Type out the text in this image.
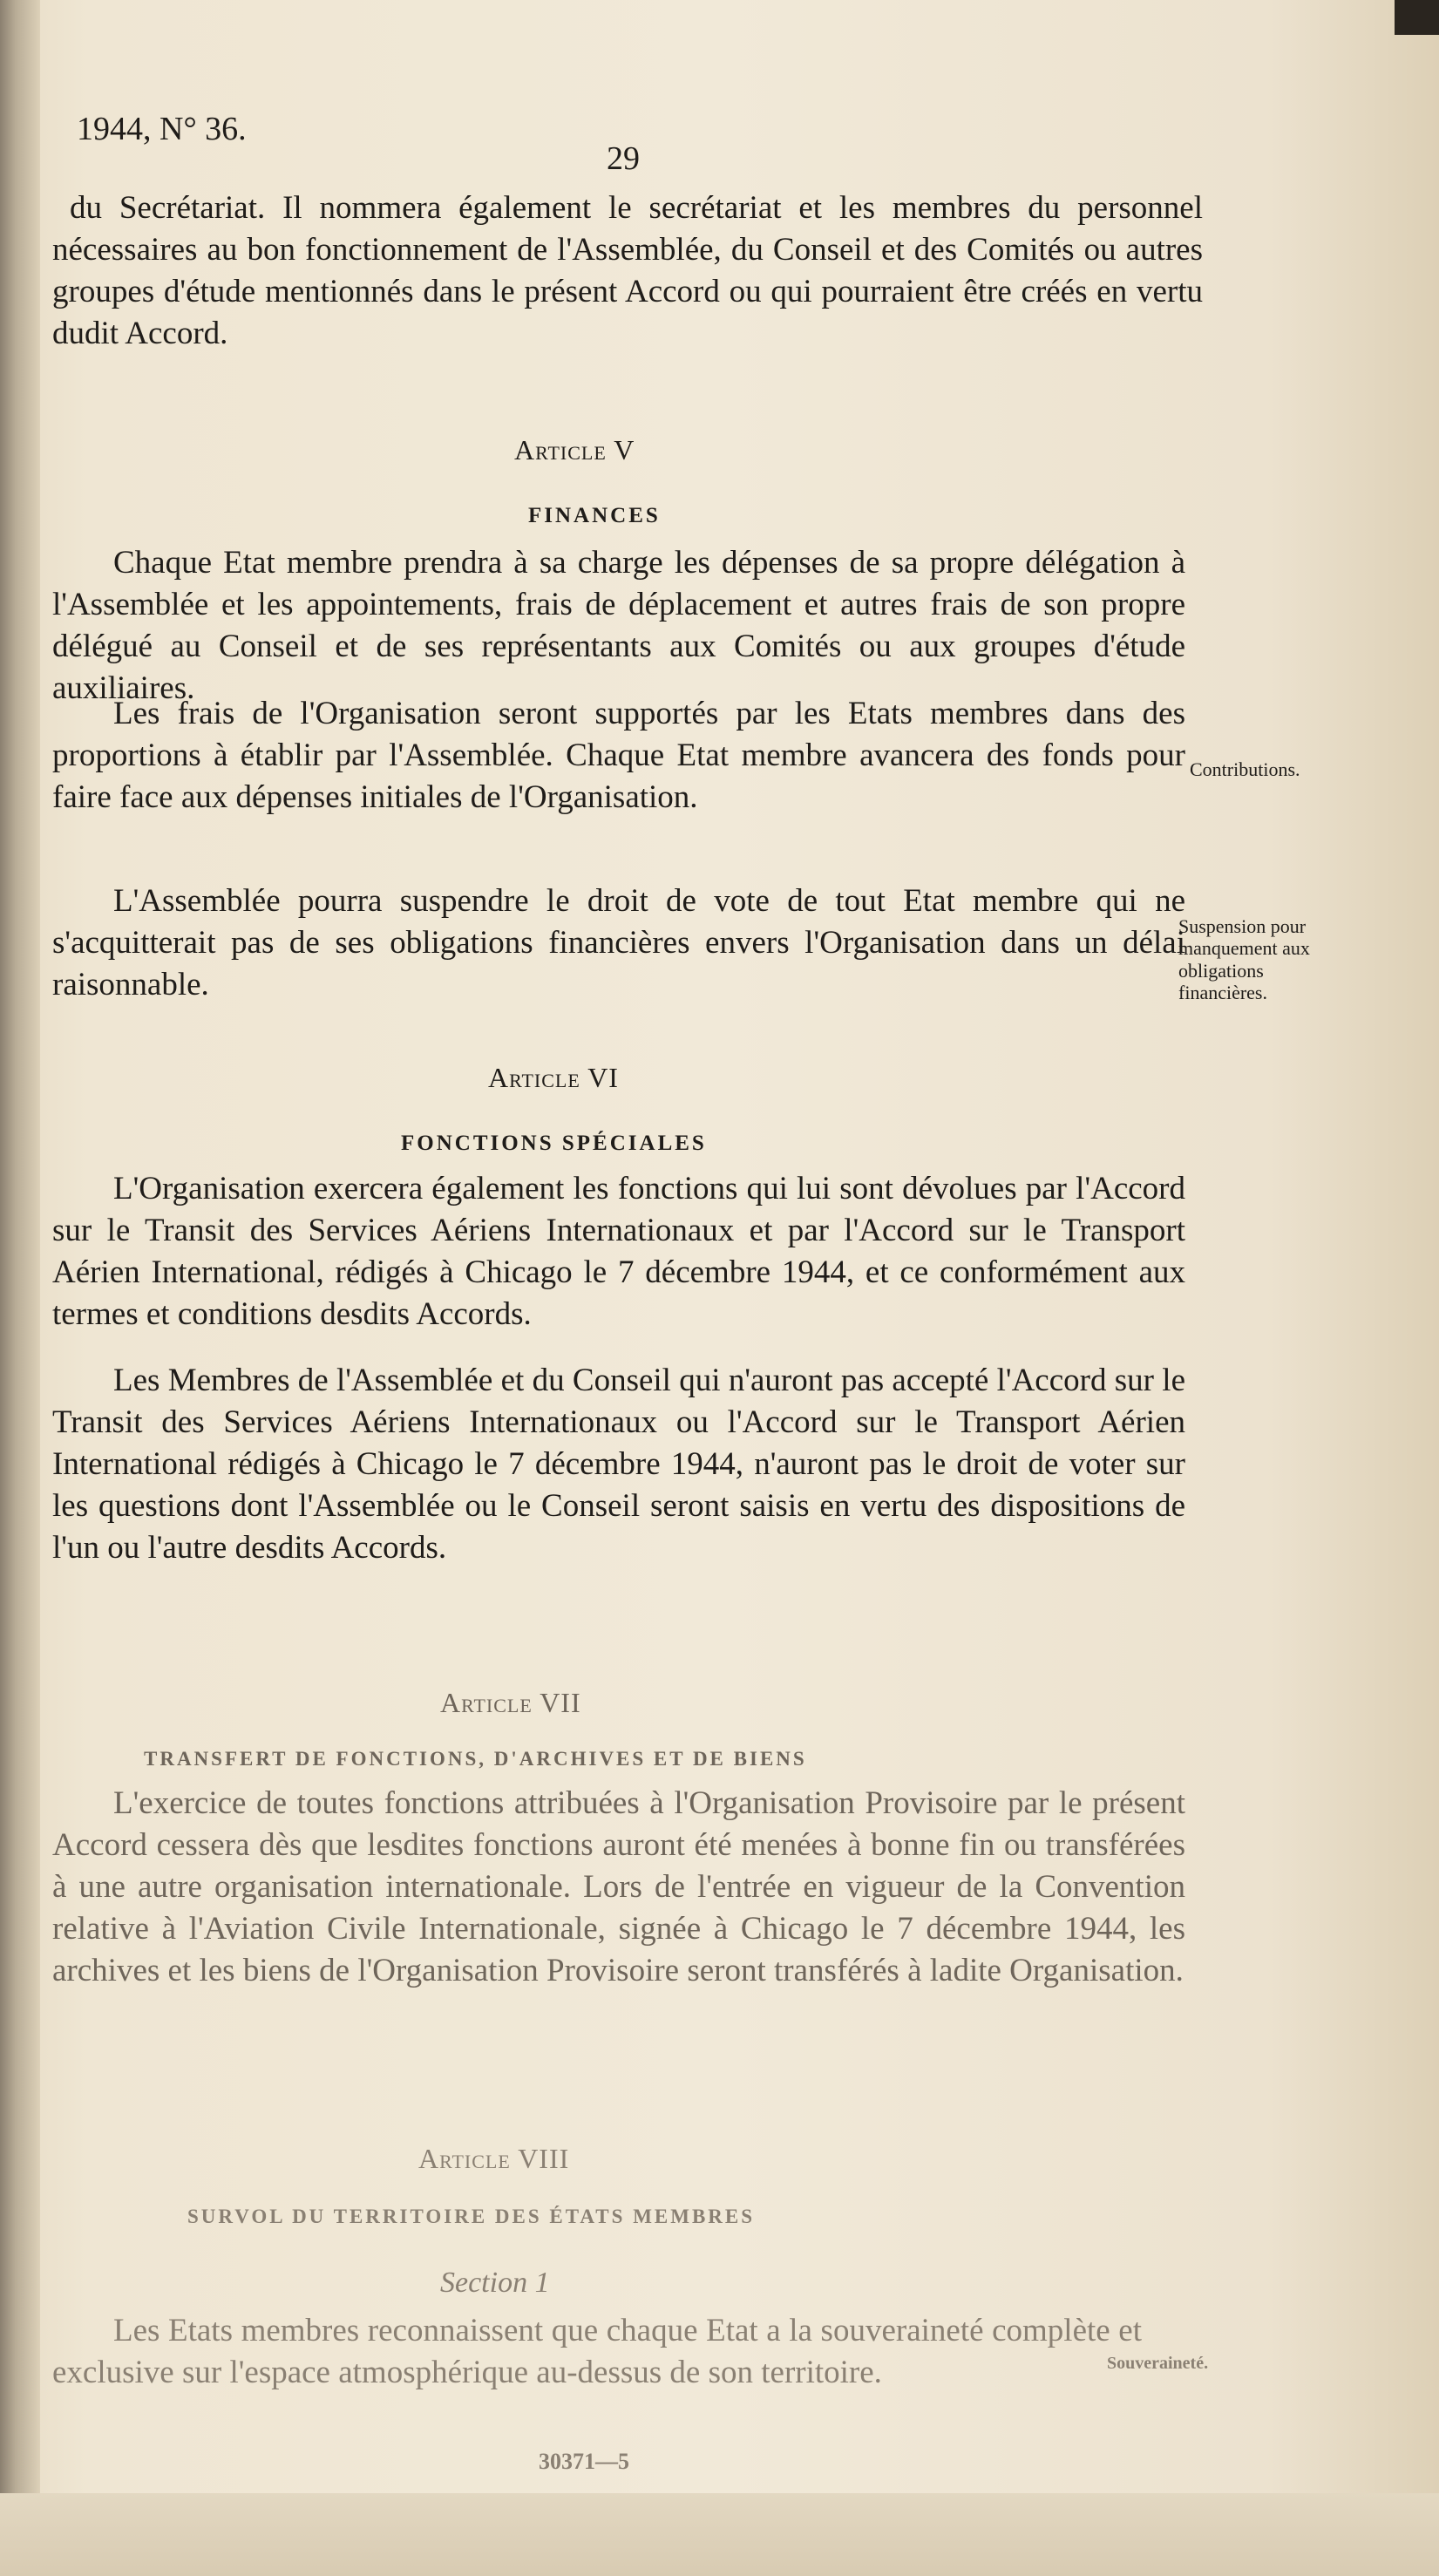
1944, N° 36.
29
du Secrétariat. Il nommera également le secrétariat et les membres du personnel nécessaires au bon fonctionnement de l'Assemblée, du Conseil et des Comités ou autres groupes d'étude mentionnés dans le présent Accord ou qui pourraient être créés en vertu dudit Accord.
Article V
FINANCES
Chaque Etat membre prendra à sa charge les dépenses de sa propre délégation à l'Assemblée et les appointements, frais de déplacement et autres frais de son propre délégué au Conseil et de ses représentants aux Comités ou aux groupes d'étude auxiliaires.
Les frais de l'Organisation seront supportés par les Etats membres dans des proportions à établir par l'Assemblée. Chaque Etat membre avancera des fonds pour faire face aux dépenses initiales de l'Organisation.
L'Assemblée pourra suspendre le droit de vote de tout Etat membre qui ne s'acquitterait pas de ses obligations financières envers l'Organisation dans un délai raisonnable.
Contributions.
Suspension pour manquement aux obligations financières.
Article VI
FONCTIONS SPÉCIALES
L'Organisation exercera également les fonctions qui lui sont dévolues par l'Accord sur le Transit des Services Aériens Internationaux et par l'Accord sur le Transport Aérien International, rédigés à Chicago le 7 décembre 1944, et ce conformément aux termes et conditions desdits Accords.
Les Membres de l'Assemblée et du Conseil qui n'auront pas accepté l'Accord sur le Transit des Services Aériens Internationaux ou l'Accord sur le Transport Aérien International rédigés à Chicago le 7 décembre 1944, n'auront pas le droit de voter sur les questions dont l'Assemblée ou le Conseil seront saisis en vertu des dispositions de l'un ou l'autre desdits Accords.
Article VII
TRANSFERT DE FONCTIONS, D'ARCHIVES ET DE BIENS
L'exercice de toutes fonctions attribuées à l'Organisation Provisoire par le présent Accord cessera dès que lesdites fonctions auront été menées à bonne fin ou transférées à une autre organisation internationale. Lors de l'entrée en vigueur de la Convention relative à l'Aviation Civile Internationale, signée à Chicago le 7 décembre 1944, les archives et les biens de l'Organisation Provisoire seront transférés à ladite Organisation.
Article VIII
SURVOL DU TERRITOIRE DES ÉTATS MEMBRES
Section 1
Les Etats membres reconnaissent que chaque Etat a la souveraineté complète et exclusive sur l'espace atmosphérique au-dessus de son territoire.	Souveraineté.
30371—5
